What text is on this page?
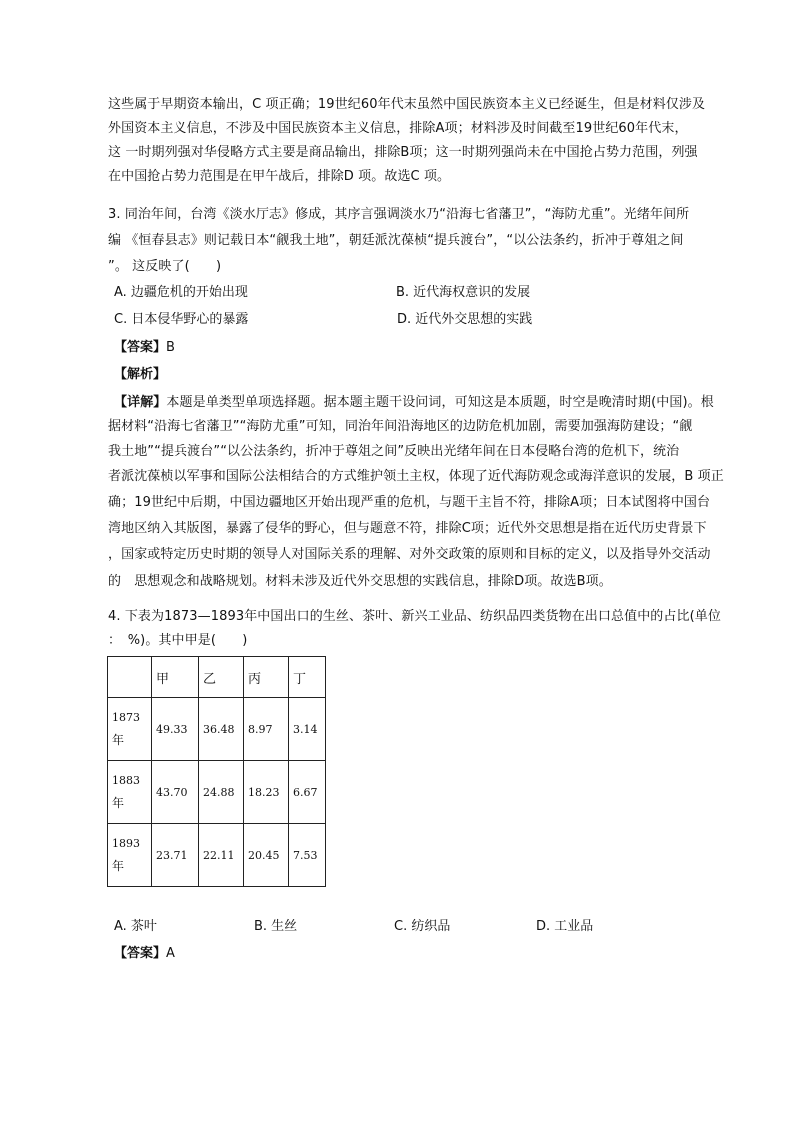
这些属于早期资本输出，C 项正确；19世纪60年代末虽然中国民族资本主义已经诞生，但是材料仅涉及
外国资本主义信息，不涉及中国民族资本主义信息，排除A项；材料涉及时间截至19世纪60年代末，
这 一时期列强对华侵略方式主要是商品输出，排除B项；这一时期列强尚未在中国抢占势力范围，列强
在中国抢占势力范围是在甲午战后，排除D 项。故选C 项。
3. 同治年间，台湾《淡水厅志》修成，其序言强调淡水乃“沿海七省藩卫”，“海防尤重”。光绪年间所
编 《恒春县志》则记载日本“觎我土地”，朝廷派沈葆桢“提兵渡台”，“以公法条约，折冲于尊俎之间
”。 这反映了(　　)
A. 边疆危机的开始出现	B. 近代海权意识的发展
C. 日本侵华野心的暴露	D. 近代外交思想的实践
【答案】B
【解析】
【详解】本题是单类型单项选择题。据本题主题干设问词，可知这是本质题，时空是晚清时期(中国)。根
据材料“沿海七省藩卫”“海防尤重”可知，同治年间沿海地区的边防危机加剧，需要加强海防建设；“觎
我土地”“提兵渡台”“以公法条约，折冲于尊俎之间”反映出光绪年间在日本侵略台湾的危机下，统治
者派沈葆桢以军事和国际公法相结合的方式维护领土主权，体现了近代海防观念或海洋意识的发展，B 项正
确；19世纪中后期，中国边疆地区开始出现严重的危机，与题干主旨不符，排除A项；日本试图将中国台
湾地区纳入其版图，暴露了侵华的野心，但与题意不符，排除C项；近代外交思想是指在近代历史背景下
，国家或特定历史时期的领导人对国际关系的理解、对外交政策的原则和目标的定义，以及指导外交活动
的　思想观念和战略规划。材料未涉及近代外交思想的实践信息，排除D项。故选B项。
4. 下表为1873—1893年中国出口的生丝、茶叶、新兴工业品、纺织品四类货物在出口总值中的占比(单位
：　%)。其中甲是(　　)
	甲	乙	丙	丁

1873
年	49.33	36.48	8.97	3.14

1883
年	43.70	24.88	18.23	6.67

1893
年	23.71	22.11	20.45	7.53
A. 茶叶	B. 生丝	C. 纺织品	D. 工业品
【答案】A
